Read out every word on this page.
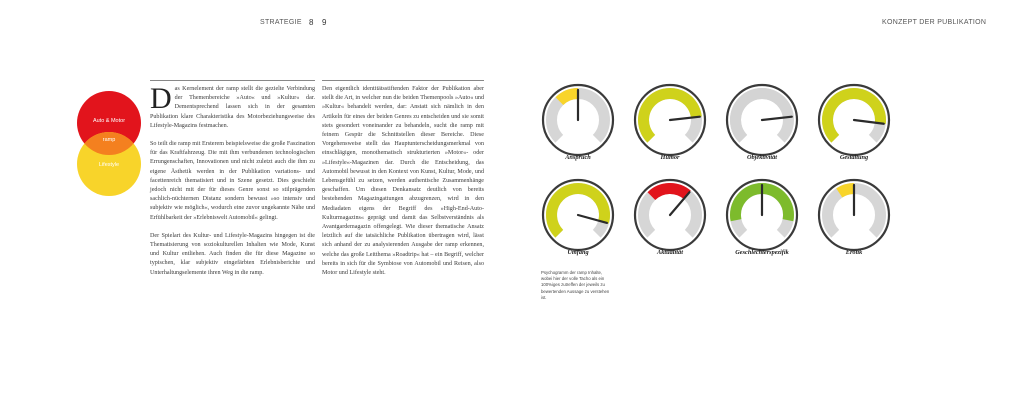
STRATEGIE 8 9	KONZEPT DER PUBLIKATION
Auto & Motor
ramp
Lifestyle

Das Kernelement der ramp stellt die gezielte Verbindung der Themenbereiche »Auto« und »Kultur« dar. Dementsprechend lassen sich in der gesamten Publikation klare Charakteristika des Motorbeziehungsweise des Lifestyle-Magazins festmachen.

So teilt die ramp mit Ersterem beispielsweise die große Faszination für das Kraftfahrzeug. Die mit ihm verbundenen technologischen Errungenschaften, Innovationen und nicht zuletzt auch die ihm zu eigene Ästhetik werden in der Publikation variations- und facettenreich thematisiert und in Szene gesetzt. Dies geschieht jedoch nicht mit der für dieses Genre sonst so stilprägenden sachlich-nüchternen Distanz sondern bewusst »so intensiv und subjektiv wie möglich«, wodurch eine zuvor ungekannte Nähe und Erfühlbarkeit der »Erlebniswelt Automobil« gelingt.

Der Spielart des Kultur- und Lifestyle-Magazins hingegen ist die Thematisierung von soziokulturellen Inhalten wie Mode, Kunst und Kultur entliehen. Auch finden die für diese Magazine so typischen, klar subjektiv eingefärbten Erlebnisberichte und Unterhaltungselemente ihren Weg in die ramp.

Den eigentlich identitätsstiftenden Faktor der Publikation aber stellt die Art, in welcher nun die beiden Themenpools »Auto« und »Kultur« behandelt werden, dar: Anstatt sich nämlich in den Artikeln für eines der beiden Genres zu entscheiden und sie somit stets gesondert voneinander zu behandeln, sucht die ramp mit feinem Gespür die Schnittstellen dieser Bereiche. Diese Vorgehensweise stellt das Hauptunterscheidungsmerkmal von einschlägigen, monothematisch strukturierten »Motor«- oder »Lifestyle«-Magazinen dar. Durch die Entscheidung, das Automobil bewusst in den Kontext von Kunst, Kultur, Mode, und Lebensgefühl zu setzen, werden authentische Zusammenhänge geschaffen. Um diesen Denkansatz deutlich von bereits bestehenden Magazingattungen abzugrenzen, wird in den Mediadaten eigens der Begriff des »High-End-Auto-Kulturmagazins« geprägt und damit das Selbstverständnis als Avantgardemagazin offengelegt. Wie dieser thematische Ansatz letztlich auf die tatsächliche Publikation übertragen wird, lässt sich anhand der zu analysierenden Ausgabe der ramp erkennen, welche das große Leitthema »Roadtrip« hat – ein Begriff, welcher bereits in sich für die Symbiose von Automobil und Reisen, also Motor und Lifestyle steht.

Anspruch	Humor	Objektivität	Gestaltung
Umfang	Aktualität	Geschlechterspezifik	Erotik
Psychogramm der ramp Inhalte, wobei hier der volle Tacho als ein 100%iges zutreffen der jeweils zu bewertenden Aussage zu verstehen ist.
